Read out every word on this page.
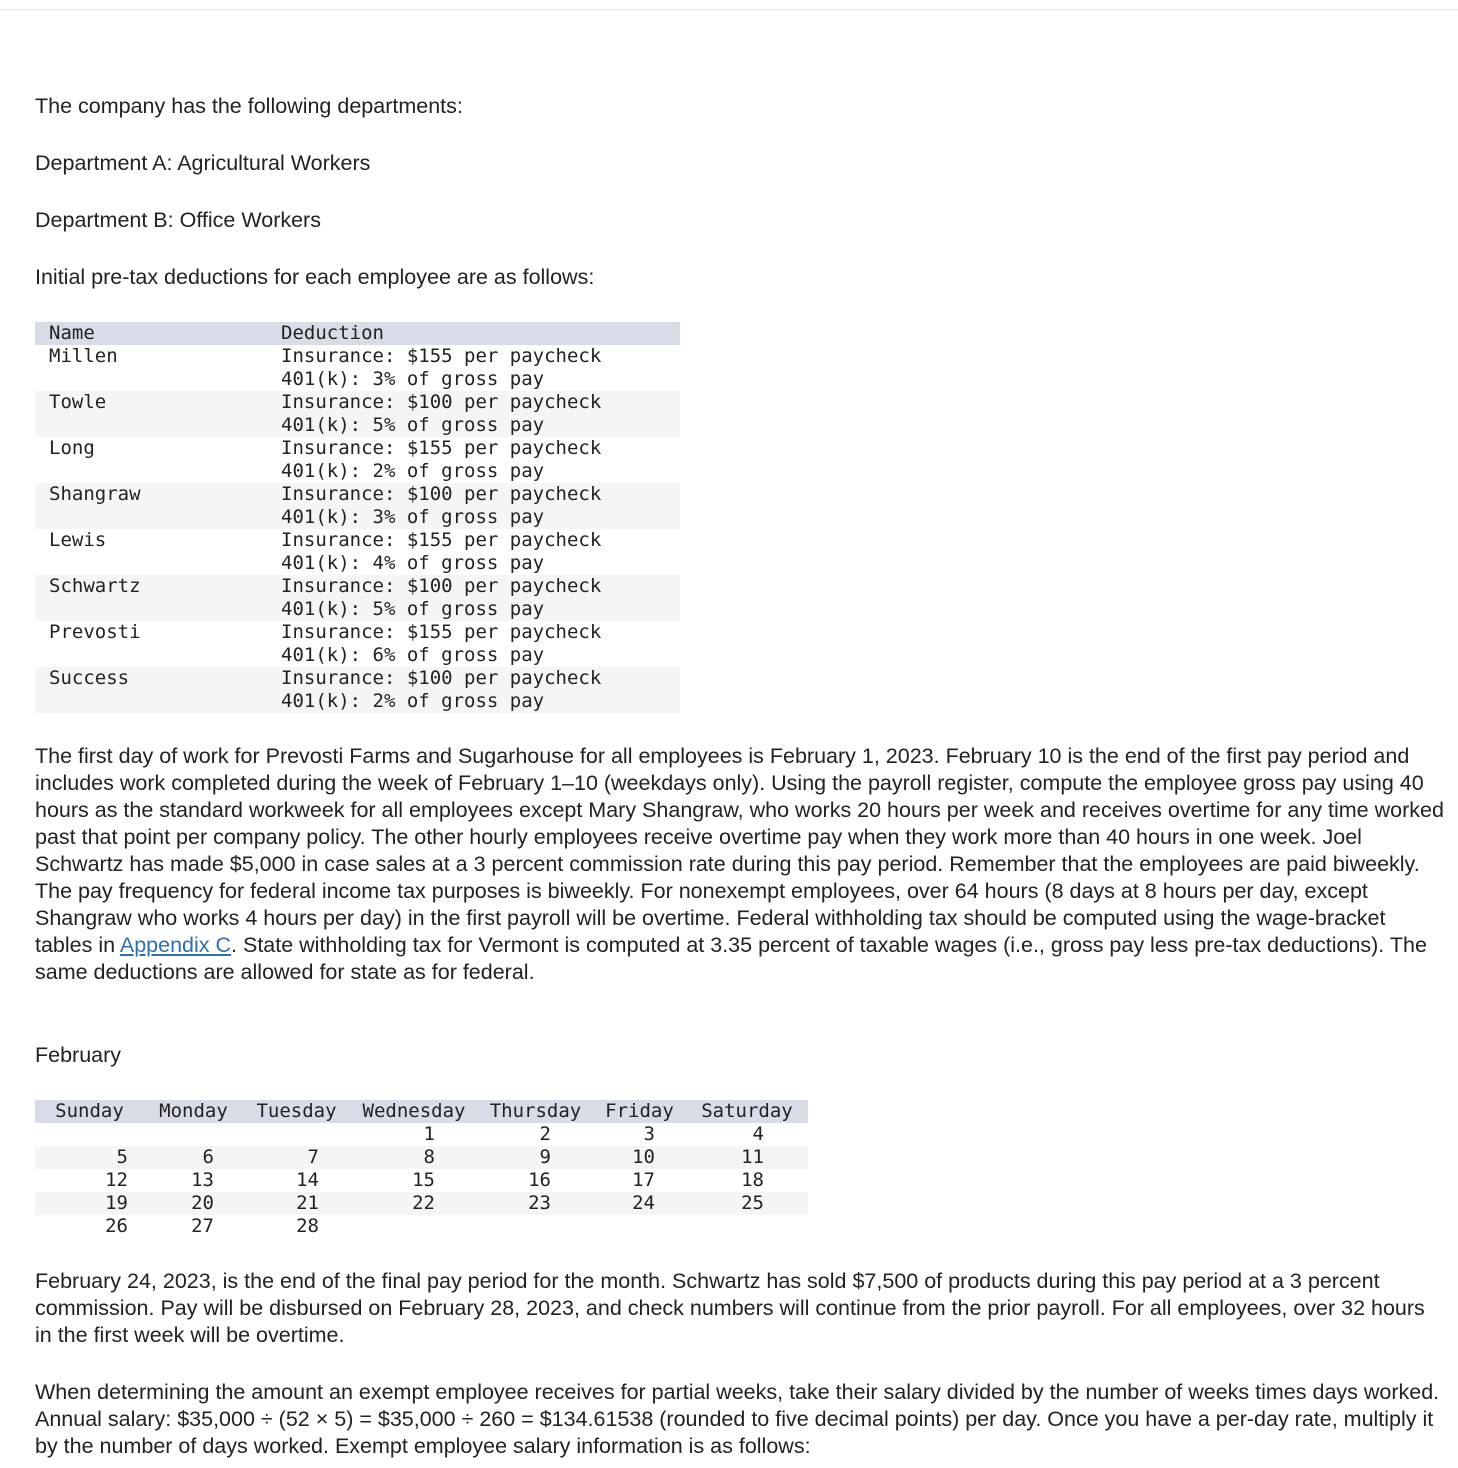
The company has the following departments:

Department A: Agricultural Workers

Department B: Office Workers

Initial pre-tax deductions for each employee are as follows:

Name	Deduction
Millen	Insurance: $155 per paycheck
401(k): 3% of gross pay

Towle	Insurance: $100 per paycheck
401(k): 5% of gross pay

Long	Insurance: $155 per paycheck
401(k): 2% of gross pay

Shangraw	Insurance: $100 per paycheck
401(k): 3% of gross pay

Lewis	Insurance: $155 per paycheck
401(k): 4% of gross pay

Schwartz	Insurance: $100 per paycheck
401(k): 5% of gross pay

Prevosti	Insurance: $155 per paycheck
401(k): 6% of gross pay

Success	Insurance: $100 per paycheck
401(k): 2% of gross pay

The first day of work for Prevosti Farms and Sugarhouse for all employees is February 1, 2023. February 10 is the end of the first pay period and includes work completed during the week of February 1–10 (weekdays only). Using the payroll register, compute the employee gross pay using 40 hours as the standard workweek for all employees except Mary Shangraw, who works 20 hours per week and receives overtime for any time worked past that point per company policy. The other hourly employees receive overtime pay when they work more than 40 hours in one week. Joel Schwartz has made $5,000 in case sales at a 3 percent commission rate during this pay period. Remember that the employees are paid biweekly. The pay frequency for federal income tax purposes is biweekly. For nonexempt employees, over 64 hours (8 days at 8 hours per day, except Shangraw who works 4 hours per day) in the first payroll will be overtime. Federal withholding tax should be computed using the wage-bracket tables in Appendix C. State withholding tax for Vermont is computed at 3.35 percent of taxable wages (i.e., gross pay less pre-tax deductions). The same deductions are allowed for state as for federal.

February

Sunday	Monday	Tuesday	Wednesday	Thursday	Friday	Saturday
			1	2	3	4
5	6	7	8	9	10	11
12	13	14	15	16	17	18
19	20	21	22	23	24	25
26	27	28				

February 24, 2023, is the end of the final pay period for the month. Schwartz has sold $7,500 of products during this pay period at a 3 percent commission. Pay will be disbursed on February 28, 2023, and check numbers will continue from the prior payroll. For all employees, over 32 hours in the first week will be overtime.

When determining the amount an exempt employee receives for partial weeks, take their salary divided by the number of weeks times days worked. Annual salary: $35,000 ÷ (52 × 5) = $35,000 ÷ 260 = $134.61538 (rounded to five decimal points) per day. Once you have a per-day rate, multiply it by the number of days worked. Exempt employee salary information is as follows:
